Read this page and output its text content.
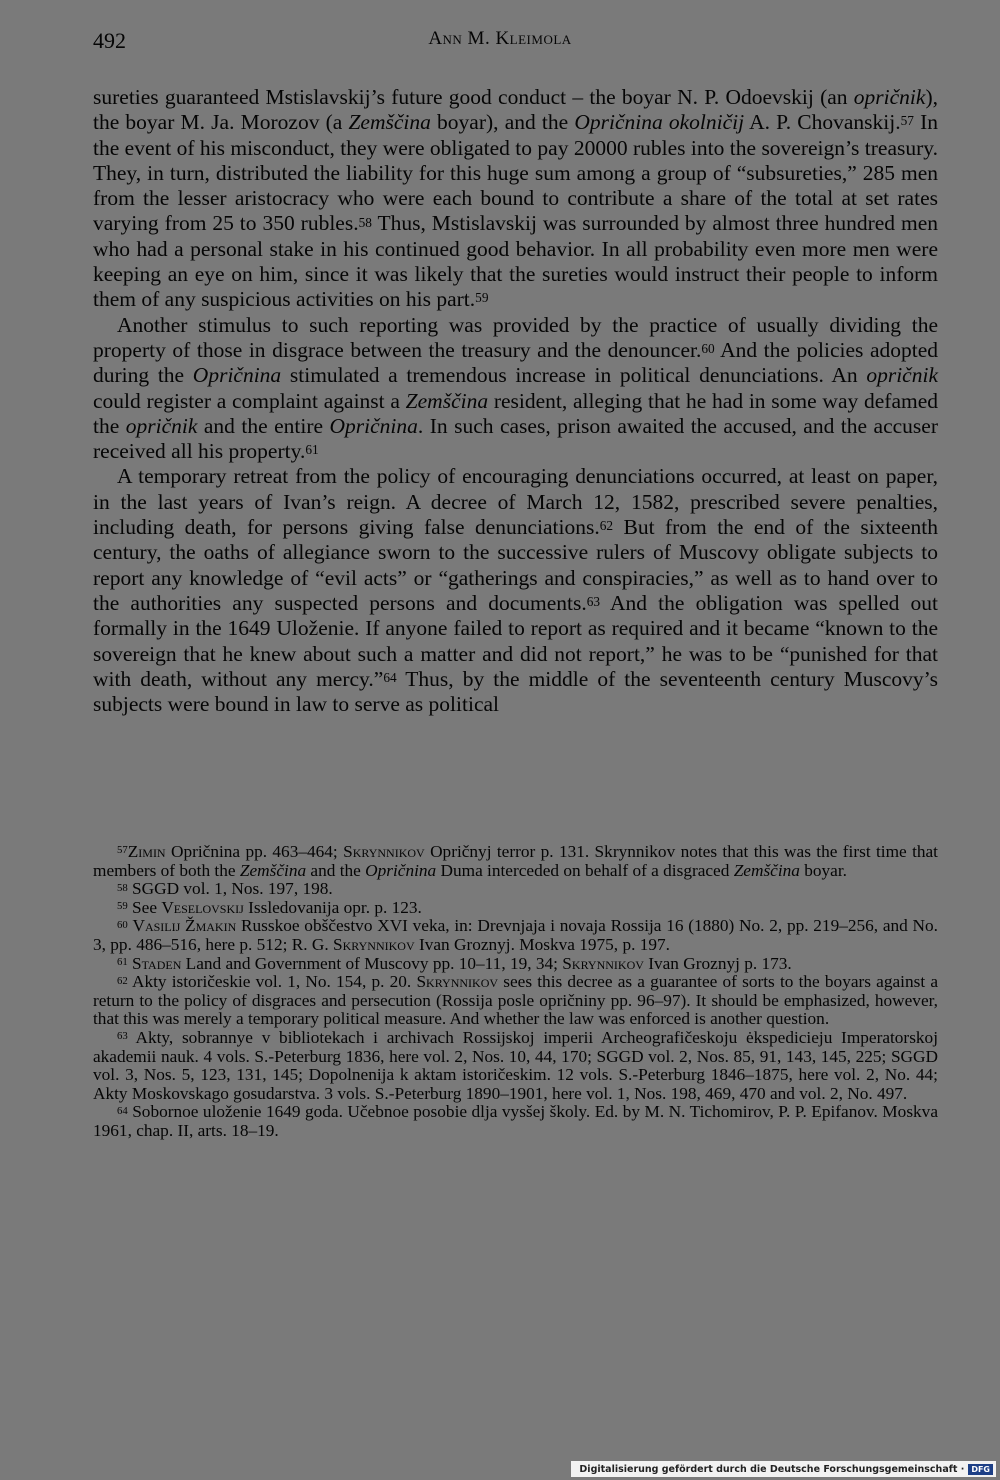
492	Ann M. Kleimola

sureties guaranteed Mstislavskij’s future good conduct – the boyar N. P. Odoevskij (an opričnik), the boyar M. Ja. Morozov (a Zemščina boyar), and the Opričnina okolničij A. P. Chovanskij.$^{57}$ In the event of his misconduct, they were obligated to pay 20000 rubles into the sovereign’s treasury. They, in turn, distributed the liability for this huge sum among a group of “subsureties,” 285 men from the lesser aristocracy who were each bound to contribute a share of the total at set rates varying from 25 to 350 rubles.$^{58}$ Thus, Mstislavskij was surrounded by almost three hundred men who had a personal stake in his continued good behavior. In all probability even more men were keeping an eye on him, since it was likely that the sureties would instruct their people to inform them of any suspicious activities on his part.$^{59}$

Another stimulus to such reporting was provided by the practice of usually dividing the property of those in disgrace between the treasury and the denouncer.$^{60}$ And the policies adopted during the Opričnina stimulated a tremendous increase in political denunciations. An opričnik could register a complaint against a Zemščina resident, alleging that he had in some way defamed the opričnik and the entire Opričnina. In such cases, prison awaited the accused, and the accuser received all his property.$^{61}$

A temporary retreat from the policy of encouraging denunciations occurred, at least on paper, in the last years of Ivan’s reign. A decree of March 12, 1582, prescribed severe penalties, including death, for persons giving false denunciations.$^{62}$ But from the end of the sixteenth century, the oaths of allegiance sworn to the successive rulers of Muscovy obligate subjects to report any knowledge of “evil acts” or “gatherings and conspiracies,” as well as to hand over to the authorities any suspected persons and documents.$^{63}$ And the obligation was spelled out formally in the 1649 Uloženie. If anyone failed to report as required and it became “known to the sovereign that he knew about such a matter and did not report,” he was to be “punished for that with death, without any mercy.”$^{64}$ Thus, by the middle of the seventeenth century Muscovy’s subjects were bound in law to serve as political

$^{57}$Zimin Opričnina pp. 463–464; Skrynnikov Opričnyj terror p. 131. Skrynnikov notes that this was the first time that members of both the Zemščina and the Opričnina Duma interceded on behalf of a disgraced Zemščina boyar.

$^{58}$ SGGD vol. 1, Nos. 197, 198.

$^{59}$ See Veselovskij Issledovanija opr. p. 123.

$^{60}$ Vasilij Žmakin Russkoe obščestvo XVI veka, in: Drevnjaja i novaja Rossija 16 (1880) No. 2, pp. 219–256, and No. 3, pp. 486–516, here p. 512; R. G. Skrynnikov Ivan Groznyj. Moskva 1975, p. 197.

$^{61}$ Staden Land and Government of Muscovy pp. 10–11, 19, 34; Skrynnikov Ivan Groznyj p. 173.

$^{62}$ Akty istoričeskie vol. 1, No. 154, p. 20. Skrynnikov sees this decree as a guarantee of sorts to the boyars against a return to the policy of disgraces and persecution (Rossija posle opričniny pp. 96–97). It should be emphasized, however, that this was merely a temporary political measure. And whether the law was enforced is another question.

$^{63}$ Akty, sobrannye v bibliotekach i archivach Rossijskoj imperii Archeografičeskoju ėkspedicieju Imperatorskoj akademii nauk. 4 vols. S.-Peterburg 1836, here vol. 2, Nos. 10, 44, 170; SGGD vol. 2, Nos. 85, 91, 143, 145, 225; SGGD vol. 3, Nos. 5, 123, 131, 145; Dopolnenija k aktam istoričeskim. 12 vols. S.-Peterburg 1846–1875, here vol. 2, No. 44; Akty Moskovskago gosudarstva. 3 vols. S.-Peterburg 1890–1901, here vol. 1, Nos. 198, 469, 470 and vol. 2, No. 497.

$^{64}$ Sobornoe uloženie 1649 goda. Učebnoe posobie dlja vysšej školy. Ed. by M. N. Tichomirov, P. P. Epifanov. Moskva 1961, chap. II, arts. 18–19.

Digitalisierung gefördert durch die Deutsche Forschungsgemeinschaft · DFG
